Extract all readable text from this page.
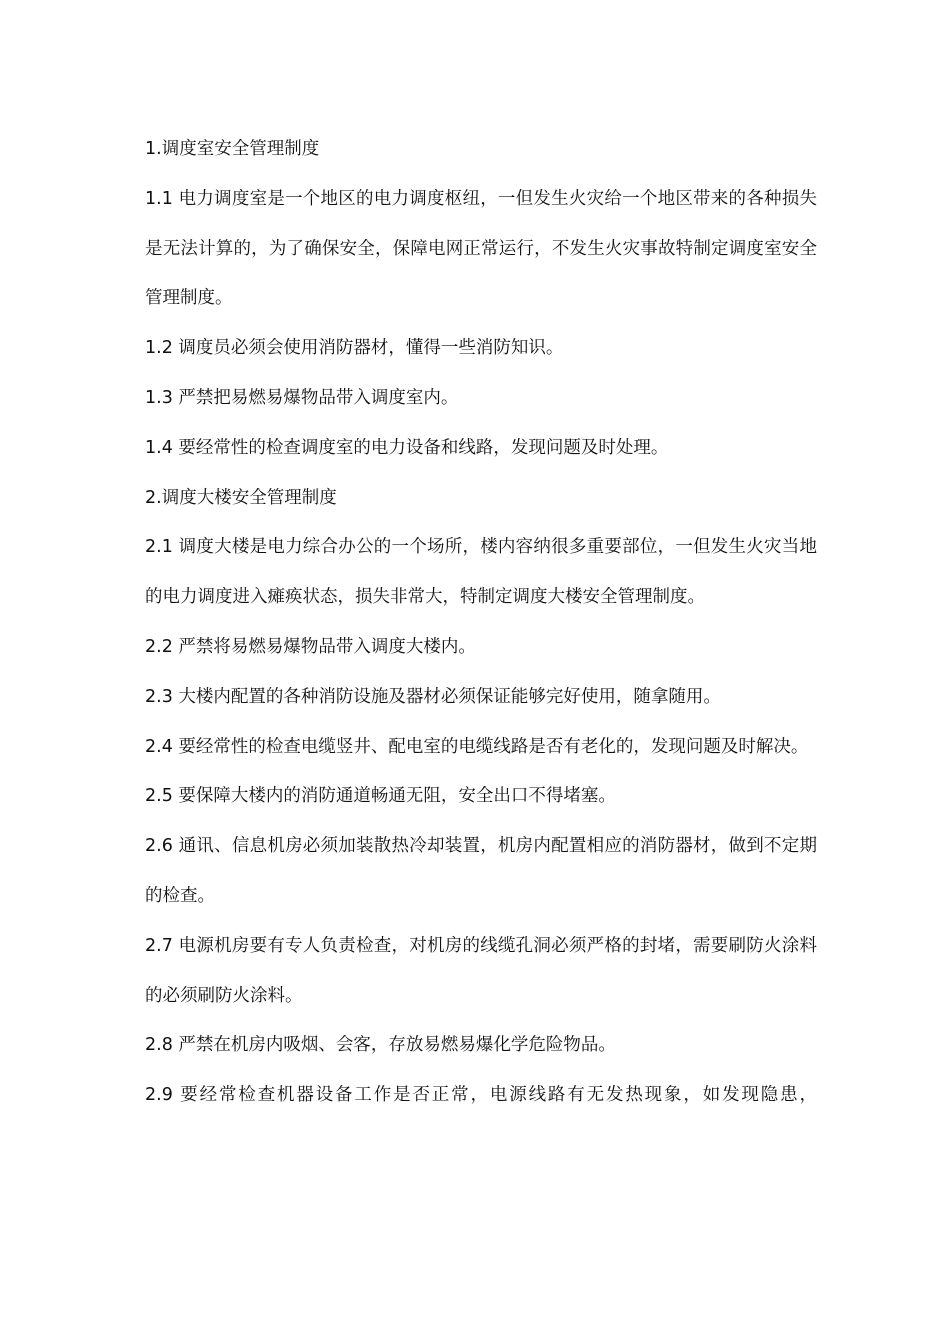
1.调度室安全管理制度

1.1 电力调度室是一个地区的电力调度枢纽，一但发生火灾给一个地区带来的各种损失是无法计算的，为了确保安全，保障电网正常运行，不发生火灾事故特制定调度室安全管理制度。

1.2 调度员必须会使用消防器材，懂得一些消防知识。

1.3 严禁把易燃易爆物品带入调度室内。

1.4 要经常性的检查调度室的电力设备和线路，发现问题及时处理。

2.调度大楼安全管理制度

2.1 调度大楼是电力综合办公的一个场所，楼内容纳很多重要部位，一但发生火灾当地的电力调度进入瘫痪状态，损失非常大，特制定调度大楼安全管理制度。

2.2 严禁将易燃易爆物品带入调度大楼内。

2.3 大楼内配置的各种消防设施及器材必须保证能够完好使用，随拿随用。

2.4 要经常性的检查电缆竖井、配电室的电缆线路是否有老化的，发现问题及时解决。

2.5 要保障大楼内的消防通道畅通无阻，安全出口不得堵塞。

2.6 通讯、信息机房必须加装散热冷却装置，机房内配置相应的消防器材，做到不定期的检查。

2.7 电源机房要有专人负责检查，对机房的线缆孔洞必须严格的封堵，需要刷防火涂料的必须刷防火涂料。

2.8 严禁在机房内吸烟、会客，存放易燃易爆化学危险物品。

2.9 要经常检查机器设备工作是否正常，电源线路有无发热现象，如发现隐患，
